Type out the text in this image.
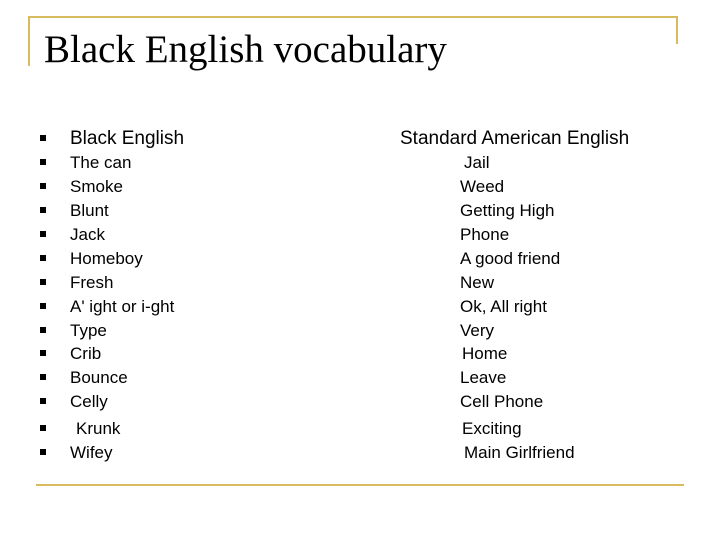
Black English vocabulary
Black English	Standard American English
The can	Jail
Smoke	Weed
Blunt	Getting High
Jack	Phone
Homeboy	A good friend
Fresh	New
A' ight or i-ght	Ok, All right
Type	Very
Crib	Home
Bounce	Leave
Celly	Cell Phone
Krunk	Exciting
Wifey	Main Girlfriend
